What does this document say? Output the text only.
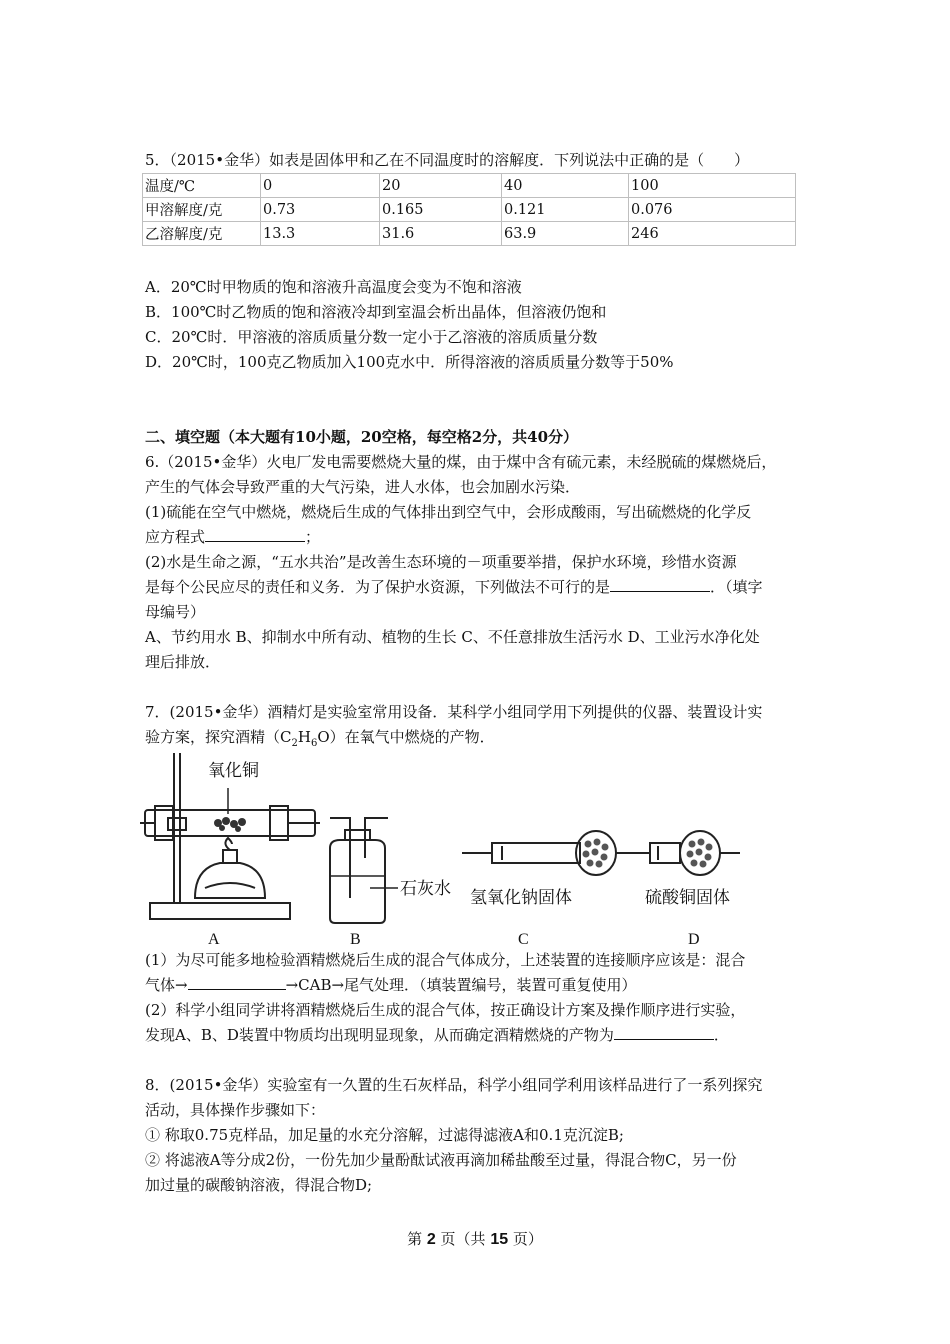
5．（2015•金华）如表是固体甲和乙在不同温度时的溶解度．下列说法中正确的是（　　）
温度/℃	0	20	40	100
甲溶解度/克	0.73	0.165	0.121	0.076
乙溶解度/克	13.3	31.6	63.9	246
A．20℃时甲物质的饱和溶液升高温度会变为不饱和溶液
B．100℃时乙物质的饱和溶液冷却到室温会析出晶体，但溶液仍饱和
C．20℃时．甲溶液的溶质质量分数一定小于乙溶液的溶质质量分数
D．20℃时，100克乙物质加入100克水中．所得溶液的溶质质量分数等于50%
二、填空题（本大题有10小题，20空格，每空格2分，共40分）
6.（2015•金华）火电厂发电需要燃烧大量的煤，由于煤中含有硫元素，未经脱硫的煤燃烧后，
产生的气体会导致严重的大气污染，进人水体，也会加剧水污染．
(1)硫能在空气中燃烧，燃烧后生成的气体排出到空气中，会形成酸雨，写出硫燃烧的化学反
应方程式	；
(2)水是生命之源，“五水共治”是改善生态环境的－项重要举措，保护水环境，珍惜水资源
是每个公民应尽的责任和义务．为了保护水资源，下列做法不可行的是	．（填字
母编号）
A、节约用水 B、抑制水中所有动、植物的生长 C、不任意排放生活污水 D、工业污水净化处
理后排放．
7．(2015•金华）酒精灯是实验室常用设备．某科学小组同学用下列提供的仪器、装置设计实
验方案，探究酒精$(C_2H_6O)$在氧气中燃烧的产物．
氧化铜
石灰水 氢氧化钠固体	硫酸铜固体
A	B	C	D
(1）为尽可能多地检验酒精燃烧后生成的混合气体成分，上述装置的连接顺序应该是：混合
气体→	→CAB→尾气处理．（填装置编号，装置可重复使用）
(2）科学小组同学讲将酒精燃烧后生成的混合气体，按正确设计方案及操作顺序进行实验，
发现A、B、D装置中物质均出现明显现象，从而确定酒精燃烧的产物为	．
8．(2015•金华）实验室有一久置的生石灰样品，科学小组同学利用该样品进行了一系列探究
活动，具体操作步骤如下：
① 称取0.75克样品，加足量的水充分溶解，过滤得滤液A和0.1克沉淀B;
② 将滤液A等分成2份，一份先加少量酚酞试液再滴加稀盐酸至过量，得混合物C，另一份
加过量的碳酸钠溶液，得混合物D;
第 2 页（共 15 页）
